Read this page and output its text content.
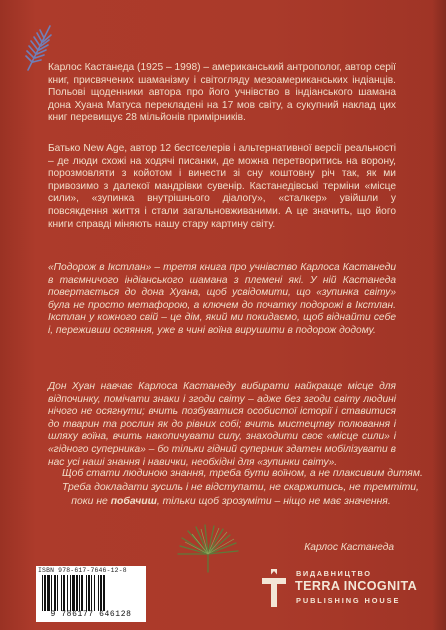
Карлос Кастанеда (1925 – 1998) – американський антрополог, автор серії книг, присвячених шаманізму і світогляду мезоамериканських індіанців. Польові щоденники автора про його учнівство в індіанського шамана дона Хуана Матуса перекладені на 17 мов світу, а сукупний наклад цих книг перевищує 28 мільйонів примірників.

Батько New Age, автор 12 бестселерів і альтернативної версії реальності – де люди схожі на ходячі писанки, де можна перетворитись на ворону, порозмовляти з койотом і винести зі сну коштовну річ так, як ми привозимо з далекої мандрівки сувенір. Кастанедівські терміни «місце сили», «зупинка внутрішнього діалогу», «сталкер» увійшли у повсякдення життя і стали загальновживаними. А це значить, що його книги справді міняють нашу стару картину світу.

«Подорож в Ікстлан» – третя книга про учнівство Карлоса Кастанеди в таємничого індіанського шамана з племені які. У ній Кастанеда повертається до дона Хуана, щоб усвідомити, що «зупинка світу» була не просто метафорою, а ключем до початку подорожі в Ікстлан. Ікстлан у кожного свій – це дім, який ми покидаємо, щоб віднайти себе і, переживши осяяння, уже в чині воїна вирушити в подорож додому.

Дон Хуан навчає Карлоса Кастанеду вибирати найкраще місце для відпочинку, помічати знаки і згоди світу – адже без згоди світу людині нічого не осягнути; вчить позбуватися особистої історії і ставитися до тварин та рослин як до рівних собі; вчить мистецтву полювання і шляху воїна, вчить накопичувати силу, знаходити своє «місце сили» і «гідного суперника» – бо тільки гідний суперник здатен мобілізувати в нас усі наші знання і навички, необхідні для «зупинки світу».

Щоб стати людиною знання, треба бути воїном, а не плаксивим дитям.
Треба докладати зусиль і не відступати, не скаржитись, не тремтіти,
поки не побачиш, тільки щоб зрозуміти – ніщо не має значення.
Карлос Кастанеда
ISBN 978-617-7646-12-8
9 786177 646128
ВИДАВНИЦТВО
TERRA INCOGNITA
PUBLISHING HOUSE
